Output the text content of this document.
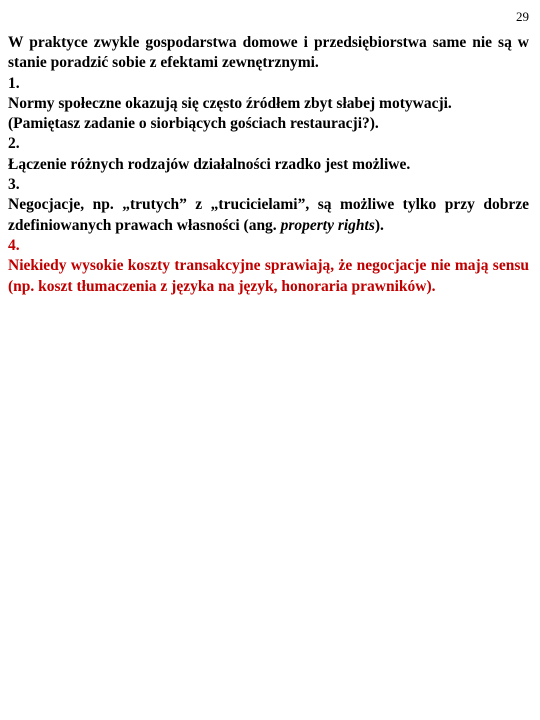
29

W praktyce zwykle gospodarstwa domowe i przedsiębiorstwa same nie są w stanie poradzić sobie z efektami zewnętrznymi.

1.

Normy społeczne okazują się często źródłem zbyt słabej motywacji.

(Pamiętasz zadanie o siorbiących gościach restauracji?).

2.

Łączenie różnych rodzajów działalności rzadko jest możliwe.

3.

Negocjacje, np. „trutych” z „trucicielami”, są możliwe tylko przy dobrze zdefiniowanych prawach własności (ang. property rights).

4.

Niekiedy wysokie koszty transakcyjne sprawiają, że negocjacje nie mają sensu (np. koszt tłumaczenia z języka na język, honoraria prawników).
